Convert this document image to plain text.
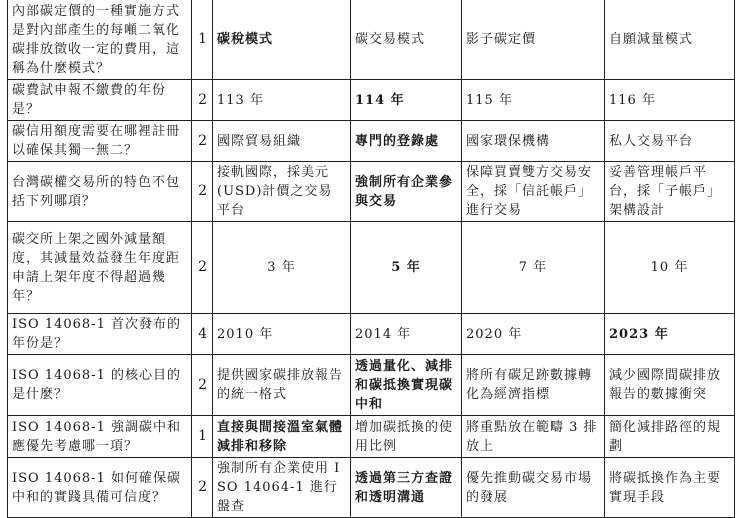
內部碳定價的一種實施方式是對內部產生的每噸二氧化碳排放徵收一定的費用，這稱為什麼模式？	1	碳稅模式	碳交易模式	影子碳定價	自願減量模式
碳費試申報不繳費的年份是？	2	113 年	114 年	115 年	116 年
碳信用額度需要在哪裡註冊以確保其獨一無二？	2	國際貿易組織	專門的登錄處	國家環保機構	私人交易平台
台灣碳權交易所的特色不包括下列哪項？	2	接軌國際，採美元(USD)計價之交易平台	強制所有企業參與交易	保障買賣雙方交易安全，採「信託帳戶」進行交易	妥善管理帳戶平台，採「子帳戶」架構設計
碳交所上架之國外減量額度，其減量效益發生年度距申請上架年度不得超過幾年？	2	3 年	5 年	7 年	10 年
ISO 14068-1 首次發布的年份是？	4	2010 年	2014 年	2020 年	2023 年
ISO 14068-1 的核心目的是什麼？	2	提供國家碳排放報告的統一格式	透過量化、減排和碳抵換實現碳中和	將所有碳足跡數據轉化為經濟指標	減少國際間碳排放報告的數據衝突
ISO 14068-1 強調碳中和應優先考慮哪一項？	1	直接與間接溫室氣體減排和移除	增加碳抵換的使用比例	將重點放在範疇 3 排放上	簡化減排路徑的規劃
ISO 14068-1 如何確保碳中和的實踐具備可信度？	2	強制所有企業使用 ISO 14064-1 進行盤查	透過第三方查證和透明溝通	優先推動碳交易市場的發展	將碳抵換作為主要實現手段
